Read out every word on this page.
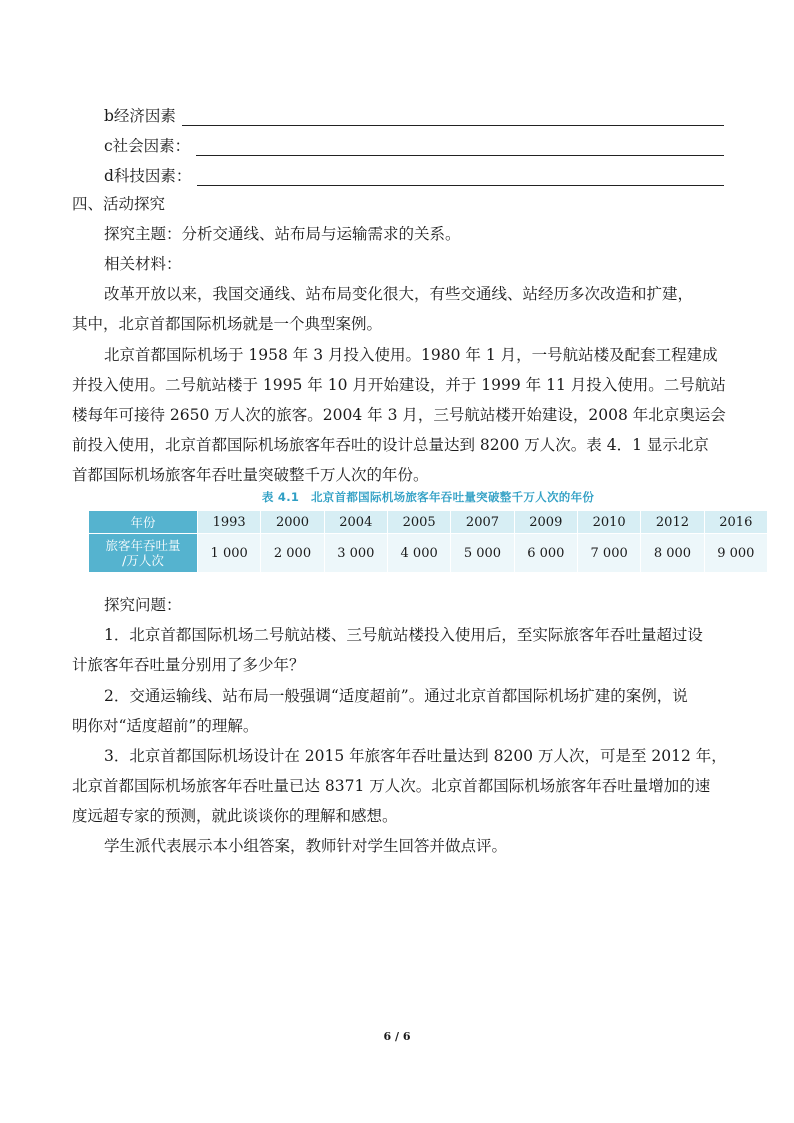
b经济因素
c社会因素：
d科技因素：
四、活动探究
探究主题：分析交通线、站布局与运输需求的关系。
相关材料：
改革开放以来，我国交通线、站布局变化很大，有些交通线、站经历多次改造和扩建，
其中，北京首都国际机场就是一个典型案例。
北京首都国际机场于 1958 年 3 月投入使用。1980 年 1 月，一号航站楼及配套工程建成
并投入使用。二号航站楼于 1995 年 10 月开始建设，并于 1999 年 11 月投入使用。二号航站
楼每年可接待 2650 万人次的旅客。2004 年 3 月，三号航站楼开始建设，2008 年北京奥运会
前投入使用，北京首都国际机场旅客年吞吐的设计总量达到 8200 万人次。表 4．1 显示北京
首都国际机场旅客年吞吐量突破整千万人次的年份。
表 4.1　北京首都国际机场旅客年吞吐量突破整千万人次的年份
年份	1993	2000	2004	2005	2007	2009	2010	2012	2016
旅客年吞吐量
/万人次	1 000	2 000	3 000	4 000	5 000	6 000	7 000	8 000	9 000
探究问题：
1．北京首都国际机场二号航站楼、三号航站楼投入使用后，至实际旅客年吞吐量超过设
计旅客年吞吐量分别用了多少年？
2．交通运输线、站布局一般强调“适度超前”。通过北京首都国际机场扩建的案例，说
明你对“适度超前”的理解。
3．北京首都国际机场设计在 2015 年旅客年吞吐量达到 8200 万人次，可是至 2012 年，
北京首都国际机场旅客年吞吐量已达 8371 万人次。北京首都国际机场旅客年吞吐量增加的速
度远超专家的预测，就此谈谈你的理解和感想。
学生派代表展示本小组答案，教师针对学生回答并做点评。
6 / 6
